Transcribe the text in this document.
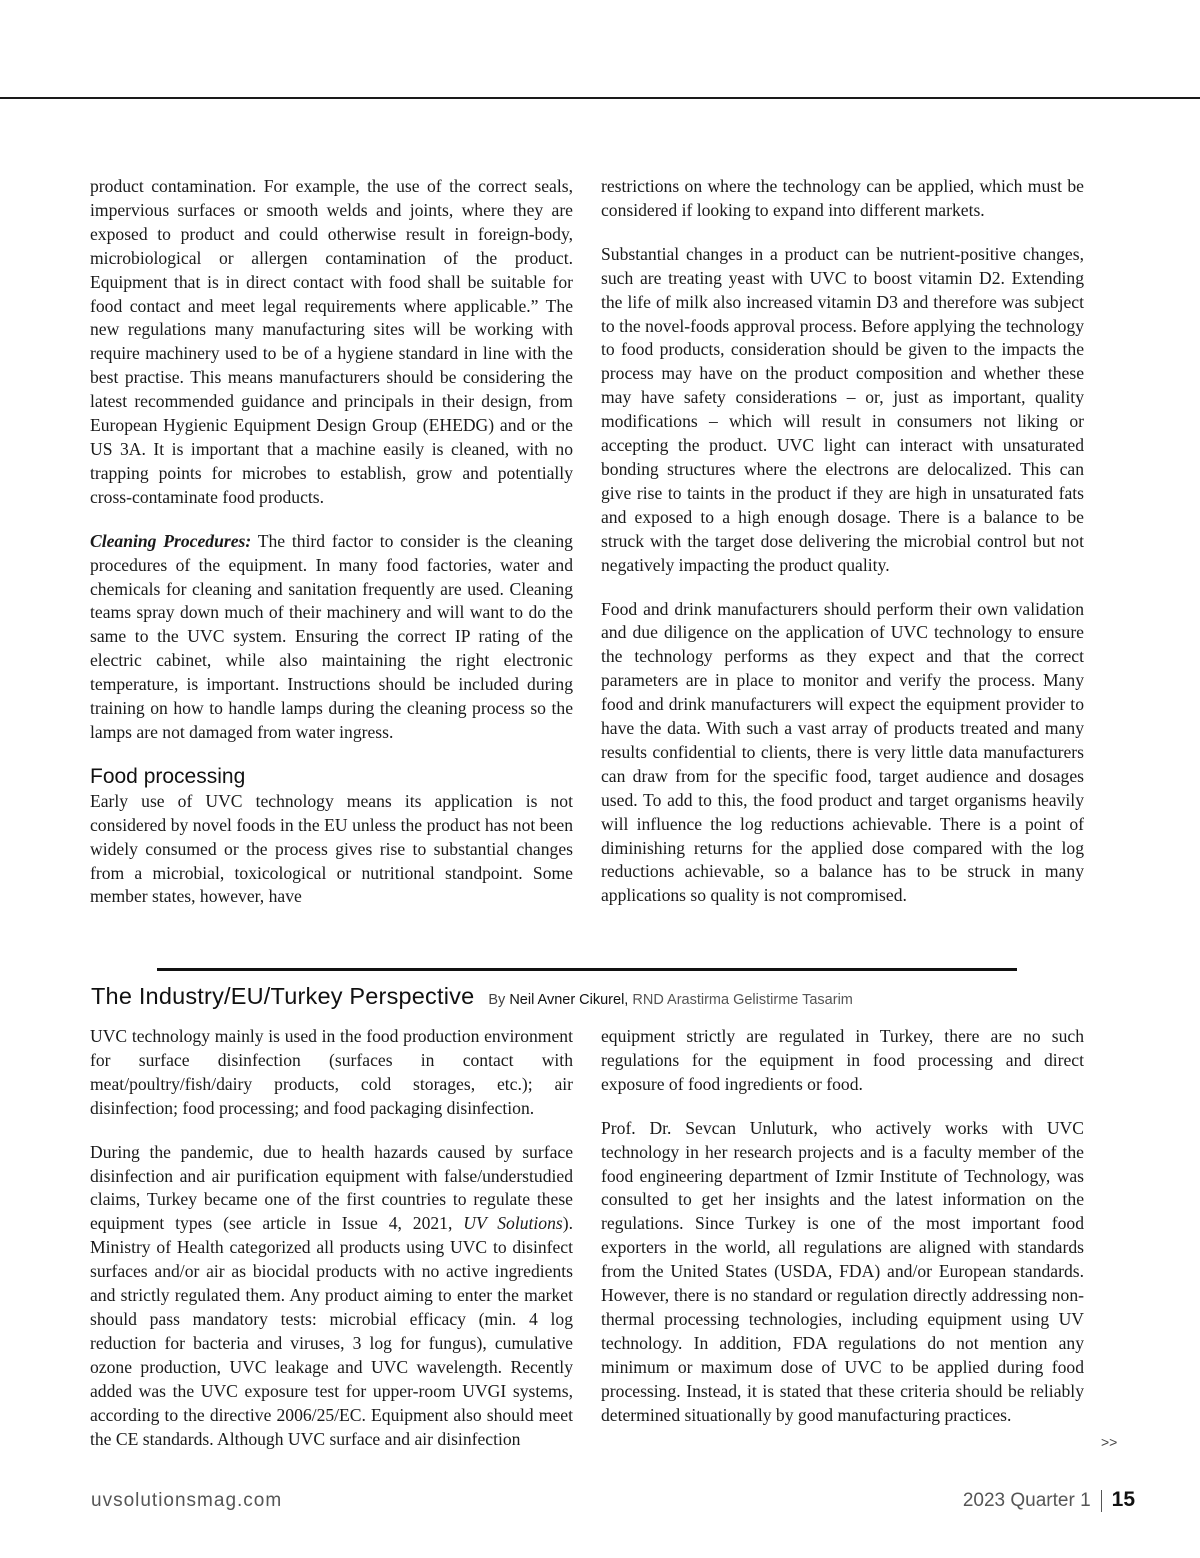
product contamination. For example, the use of the correct seals, impervious surfaces or smooth welds and joints, where they are exposed to product and could otherwise result in foreign-body, microbiological or allergen contamination of the product. Equipment that is in direct contact with food shall be suitable for food contact and meet legal requirements where applicable.” The new regulations many manufacturing sites will be working with require machinery used to be of a hygiene standard in line with the best practise. This means manufacturers should be considering the latest recommended guidance and principals in their design, from European Hygienic Equipment Design Group (EHEDG) and or the US 3A. It is important that a machine easily is cleaned, with no trapping points for microbes to establish, grow and potentially cross-contaminate food products.

Cleaning Procedures: The third factor to consider is the cleaning procedures of the equipment. In many food factories, water and chemicals for cleaning and sanitation frequently are used. Cleaning teams spray down much of their machinery and will want to do the same to the UVC system. Ensuring the correct IP rating of the electric cabinet, while also maintaining the right electronic temperature, is important. Instructions should be included during training on how to handle lamps during the cleaning process so the lamps are not damaged from water ingress.

Food processing

Early use of UVC technology means its application is not considered by novel foods in the EU unless the product has not been widely consumed or the process gives rise to substantial changes from a microbial, toxicological or nutritional standpoint. Some member states, however, have

restrictions on where the technology can be applied, which must be considered if looking to expand into different markets.

Substantial changes in a product can be nutrient-positive changes, such are treating yeast with UVC to boost vitamin D2. Extending the life of milk also increased vitamin D3 and therefore was subject to the novel-foods approval process. Before applying the technology to food products, consideration should be given to the impacts the process may have on the product composition and whether these may have safety considerations – or, just as important, quality modifications – which will result in consumers not liking or accepting the product. UVC light can interact with unsaturated bonding structures where the electrons are delocalized. This can give rise to taints in the product if they are high in unsaturated fats and exposed to a high enough dosage. There is a balance to be struck with the target dose delivering the microbial control but not negatively impacting the product quality.

Food and drink manufacturers should perform their own validation and due diligence on the application of UVC technology to ensure the technology performs as they expect and that the correct parameters are in place to monitor and verify the process. Many food and drink manufacturers will expect the equipment provider to have the data. With such a vast array of products treated and many results confidential to clients, there is very little data manufacturers can draw from for the specific food, target audience and dosages used. To add to this, the food product and target organisms heavily will influence the log reductions achievable. There is a point of diminishing returns for the applied dose compared with the log reductions achievable, so a balance has to be struck in many applications so quality is not compromised.

The Industry/EU/Turkey Perspective By Neil Avner Cikurel, RND Arastirma Gelistirme Tasarim

UVC technology mainly is used in the food production environment for surface disinfection (surfaces in contact with meat/poultry/fish/dairy products, cold storages, etc.); air disinfection; food processing; and food packaging disinfection.

During the pandemic, due to health hazards caused by surface disinfection and air purification equipment with false/understudied claims, Turkey became one of the first countries to regulate these equipment types (see article in Issue 4, 2021, UV Solutions). Ministry of Health categorized all products using UVC to disinfect surfaces and/or air as biocidal products with no active ingredients and strictly regulated them. Any product aiming to enter the market should pass mandatory tests: microbial efficacy (min. 4 log reduction for bacteria and viruses, 3 log for fungus), cumulative ozone production, UVC leakage and UVC wavelength. Recently added was the UVC exposure test for upper-room UVGI systems, according to the directive 2006/25/EC. Equipment also should meet the CE standards. Although UVC surface and air disinfection

equipment strictly are regulated in Turkey, there are no such regulations for the equipment in food processing and direct exposure of food ingredients or food.

Prof. Dr. Sevcan Unluturk, who actively works with UVC technology in her research projects and is a faculty member of the food engineering department of Izmir Institute of Technology, was consulted to get her insights and the latest information on the regulations. Since Turkey is one of the most important food exporters in the world, all regulations are aligned with standards from the United States (USDA, FDA) and/or European standards. However, there is no standard or regulation directly addressing non-thermal processing technologies, including equipment using UV technology. In addition, FDA regulations do not mention any minimum or maximum dose of UVC to be applied during food processing. Instead, it is stated that these criteria should be reliably determined situationally by good manufacturing practices.

>>
uvsolutionsmag.com	2023 Quarter 1 15
